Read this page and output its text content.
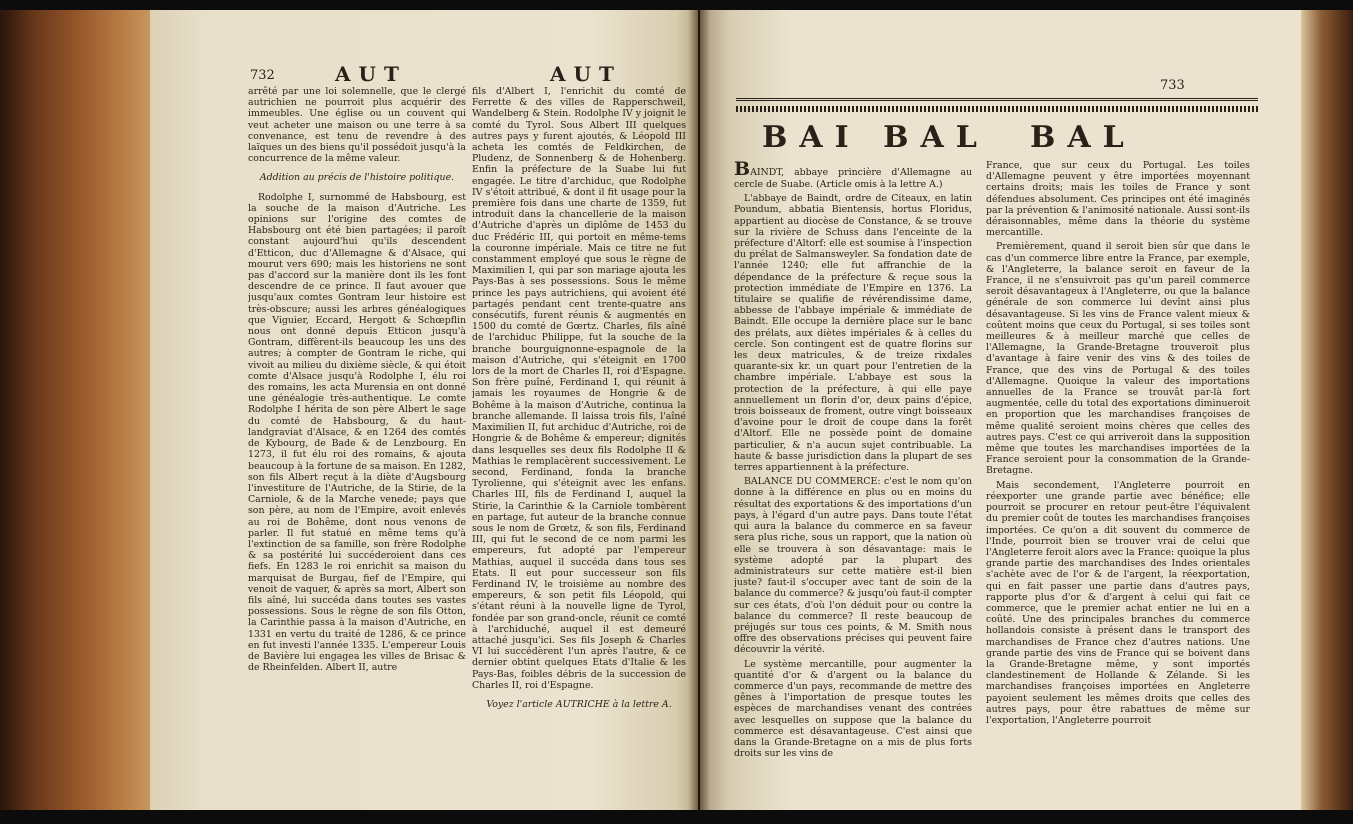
732	AUT	AUT

arrêté par une loi solemnelle, que le clergé autrichien ne pourroit plus acquérir des immeubles. Une église ou un couvent qui veut acheter une maison ou une terre à sa convenance, est tenu de revendre à des laïques un des biens qu'il possédoit jusqu'à la concurrence de la même valeur.

Addition au précis de l'histoire politique.

Rodolphe I, surnommé de Habsbourg, est la souche de la maison d'Autriche. Les opinions sur l'origine des comtes de Habsbourg ont été bien partagées; il paroît constant aujourd'hui qu'ils descendent d'Etticon, duc d'Allemagne & d'Alsace, qui mourut vers 690; mais les historiens ne sont pas d'accord sur la manière dont ils les font descendre de ce prince. Il faut avouer que jusqu'aux comtes Gontram leur histoire est très-obscure; aussi les arbres généalogiques que Viguier, Eccard, Hergott & Schœpflin nous ont donné depuis Etticon jusqu'à Gontram, diffèrent-ils beaucoup les uns des autres; à compter de Gontram le riche, qui vivoit au milieu du dixième siècle, & qui étoit comte d'Alsace jusqu'à Rodolphe I, élu roi des romains, les acta Murensia en ont donné une généalogie très-authentique. Le comte Rodolphe I hérita de son père Albert le sage du comté de Habsbourg, & du haut-landgraviat d'Alsace, & en 1264 des comtés de Kybourg, de Bade & de Lenzbourg. En 1273, il fut élu roi des romains, & ajouta beaucoup à la fortune de sa maison. En 1282, son fils Albert reçut à la diète d'Augsbourg l'investiture de l'Autriche, de la Stirie, de la Carniole, & de la Marche venede; pays que son père, au nom de l'Empire, avoit enlevés au roi de Bohême, dont nous venons de parler. Il fut statué en même tems qu'à l'extinction de sa famille, son frère Rodolphe & sa postérité lui succéderoient dans ces fiefs. En 1283 le roi enrichit sa maison du marquisat de Burgau, fief de l'Empire, qui venoit de vaquer, & après sa mort, Albert son fils aîné, lui succéda dans toutes ses vastes possessions. Sous le règne de son fils Otton, la Carinthie passa à la maison d'Autriche, en 1331 en vertu du traité de 1286, & ce prince en fut investi l'année 1335. L'empereur Louis de Bavière lui engagea les villes de Brisac & de Rheinfelden. Albert II, autre

fils d'Albert I, l'enrichit du comté de Ferrette & des villes de Rapperschweil, Wandelberg & Stein. Rodolphe IV y joignit le comté du Tyrol. Sous Albert III quelques autres pays y furent ajoutés, & Léopold III acheta les comtés de Feldkirchen, de Pludenz, de Sonnenberg & de Hohenberg. Enfin la préfecture de la Suabe lui fut engagée. Le titre d'archiduc, que Rodolphe IV s'étoit attribué, & dont il fit usage pour la première fois dans une charte de 1359, fut introduit dans la chancellerie de la maison d'Autriche d'après un diplôme de 1453 du duc Frédéric III, qui portoit en même-tems la couronne impériale. Mais ce titre ne fut constamment employé que sous le règne de Maximilien I, qui par son mariage ajouta les Pays-Bas à ses possessions. Sous le même prince les pays autrichiens, qui avoient été partagés pendant cent trente-quatre ans consécutifs, furent réunis & augmentés en 1500 du comté de Gœrtz. Charles, fils aîné de l'archiduc Philippe, fut la souche de la branche bourguignonne-espagnole de la maison d'Autriche, qui s'éteignit en 1700 lors de la mort de Charles II, roi d'Espagne. Son frère puîné, Ferdinand I, qui réunit à jamais les royaumes de Hongrie & de Bohême à la maison d'Autriche, continua la branche allemande. Il laissa trois fils, l'aîné Maximilien II, fut archiduc d'Autriche, roi de Hongrie & de Bohême & empereur; dignités dans lesquelles ses deux fils Rodolphe II & Mathias le remplacèrent successivement. Le second, Ferdinand, fonda la branche Tyrolienne, qui s'éteignit avec les enfans. Charles III, fils de Ferdinand I, auquel la Stirie, la Carinthie & la Carniole tombèrent en partage, fut auteur de la branche connue sous le nom de Grœtz, & son fils, Ferdinand III, qui fut le second de ce nom parmi les empereurs, fut adopté par l'empereur Mathias, auquel il succéda dans tous ses Etats. Il eut pour successeur son fils Ferdinand IV, le troisième au nombre des empereurs, & son petit fils Léopold, qui s'étant réuni à la nouvelle ligne de Tyrol, fondée par son grand-oncle, réunit ce comté à l'archiduché, auquel il est demeuré attaché jusqu'ici. Ses fils Joseph & Charles VI lui succédèrent l'un après l'autre, & ce dernier obtint quelques Etats d'Italie & les Pays-Bas, foibles débris de la succession de Charles II, roi d'Espagne.

Voyez l'article AUTRICHE à la lettre A.

733
BAI BAL BAL

BAINDT, abbaye princière d'Allemagne au cercle de Suabe. (Article omis à la lettre A.)

L'abbaye de Baindt, ordre de Citeaux, en latin Poundum, abbatia Bientensis, hortus Floridus, appartient au diocèse de Constance, & se trouve sur la rivière de Schuss dans l'enceinte de la préfecture d'Altorf: elle est soumise à l'inspection du prélat de Salmansweyler. Sa fondation date de l'année 1240; elle fut affranchie de la dépendance de la préfecture & reçue sous la protection immédiate de l'Empire en 1376. La titulaire se qualifie de révérendissime dame, abbesse de l'abbaye impériale & immédiate de Baindt. Elle occupe la dernière place sur le banc des prélats, aux diètes impériales & à celles du cercle. Son contingent est de quatre florins sur les deux matricules, & de treize rixdales quarante-six kr. un quart pour l'entretien de la chambre impériale. L'abbaye est sous la protection de la préfecture, à qui elle paye annuellement un florin d'or, deux pains d'épice, trois boisseaux de froment, outre vingt boisseaux d'avoine pour le droit de coupe dans la forêt d'Altorf. Elle ne possède point de domaine particulier, & n'a aucun sujet contribuable. La haute & basse jurisdiction dans la plupart de ses terres appartiennent à la préfecture.

BALANCE DU COMMERCE: c'est le nom qu'on donne à la différence en plus ou en moins du résultat des exportations & des importations d'un pays, à l'égard d'un autre pays. Dans toute l'état qui aura la balance du commerce en sa faveur sera plus riche, sous un rapport, que la nation où elle se trouvera à son désavantage: mais le système adopté par la plupart des administrateurs sur cette matière est-il bien juste? faut-il s'occuper avec tant de soin de la balance du commerce? & jusqu'où faut-il compter sur ces états, d'où l'on déduit pour ou contre la balance du commerce? Il reste beaucoup de préjugés sur tous ces points, & M. Smith nous offre des observations précises qui peuvent faire découvrir la vérité.

Le système mercantille, pour augmenter la quantité d'or & d'argent ou la balance du commerce d'un pays, recommande de mettre des gênes à l'importation de presque toutes les espèces de marchandises venant des contrées avec lesquelles on suppose que la balance du commerce est désavantageuse. C'est ainsi que dans la Grande-Bretagne on a mis de plus forts droits sur les vins de

France, que sur ceux du Portugal. Les toiles d'Allemagne peuvent y être importées moyennant certains droits; mais les toiles de France y sont défendues absolument. Ces principes ont été imaginés par la prévention & l'animosité nationale. Aussi sont-ils déraisonnables, même dans la théorie du système mercantille.

Premièrement, quand il seroit bien sûr que dans le cas d'un commerce libre entre la France, par exemple, & l'Angleterre, la balance seroit en faveur de la France, il ne s'ensuivroit pas qu'un pareil commerce seroit désavantageux à l'Angleterre, ou que la balance générale de son commerce lui devînt ainsi plus désavantageuse. Si les vins de France valent mieux & coûtent moins que ceux du Portugal, si ses toiles sont meilleures & à meilleur marché que celles de l'Allemagne, la Grande-Bretagne trouveroit plus d'avantage à faire venir des vins & des toiles de France, que des vins de Portugal & des toiles d'Allemagne. Quoique la valeur des importations annuelles de la France se trouvât par-là fort augmentée, celle du total des exportations diminueroit en proportion que les marchandises françoises de même qualité seroient moins chères que celles des autres pays. C'est ce qui arriveroit dans la supposition même que toutes les marchandises importées de la France seroient pour la consommation de la Grande-Bretagne.

Mais secondement, l'Angleterre pourroit en réexporter une grande partie avec bénéfice; elle pourroit se procurer en retour peut-être l'équivalent du premier coût de toutes les marchandises françoises importées. Ce qu'on a dit souvent du commerce de l'Inde, pourroit bien se trouver vrai de celui que l'Angleterre feroit alors avec la France: quoique la plus grande partie des marchandises des Indes orientales s'achète avec de l'or & de l'argent, la réexportation, qui en fait passer une partie dans d'autres pays, rapporte plus d'or & d'argent à celui qui fait ce commerce, que le premier achat entier ne lui en a coûté. Une des principales branches du commerce hollandois consiste à présent dans le transport des marchandises de France chez d'autres nations. Une grande partie des vins de France qui se boivent dans la Grande-Bretagne même, y sont importés clandestinement de Hollande & Zélande. Si les marchandises françoises importées en Angleterre payoient seulement les mêmes droits que celles des autres pays, pour être rabattues de même sur l'exportation, l'Angleterre pourroit
